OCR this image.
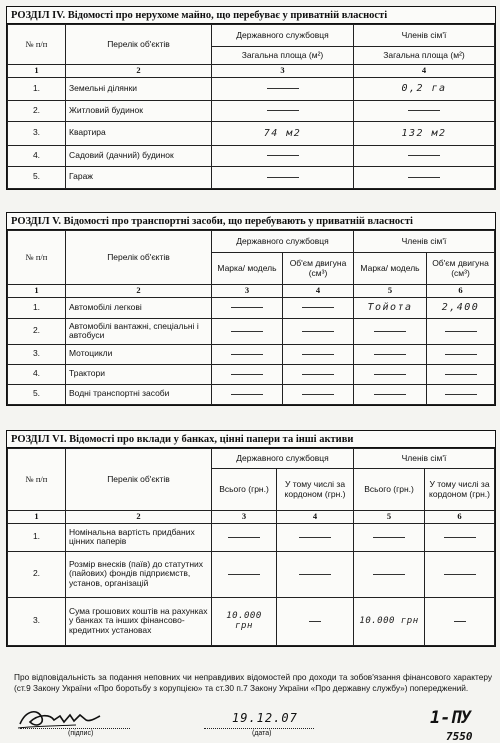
РОЗДІЛ IV. Відомості про нерухоме майно, що перебуває у приватній власності
№ п/п	Перелік об'єктів	Державного службовця	Членів сім'ї
		Загальна площа (м²)	Загальна площа (м²)
1	2	3	4
1.	Земельні ділянки		0,2 га
2.	Житловий будинок		
3.	Квартира	74 м2	132 м2
4.	Садовий (дачний) будинок		
5.	Гараж		
РОЗДІЛ V. Відомості про транспортні засоби, що перебувають у приватній власності
№ п/п	Перелік об'єктів	Державного службовця		Членів сім'ї	
		Марка/ модель	Об'єм двигуна (см³)	Марка/ модель	Об'єм двигуна (см³)
1	2	3	4	5	6
1.	Автомобілі легкові			Тойота	2,400
2.	Автомобілі вантажні, спеціальні і автобуси				
3.	Мотоцикли				
4.	Трактори				
5.	Водні транспортні засоби				
РОЗДІЛ VI. Відомості про вклади у банках, цінні папери та інші активи
№ п/п	Перелік об'єктів	Державного службовця		Членів сім'ї	
		Всього (грн.)	У тому числі за кордоном (грн.)	Всього (грн.)	У тому числі за кордоном (грн.)
1	2	3	4	5	6
1.	Номінальна вартість придбаних цінних паперів				
2.	Розмір внесків (паїв) до статутних (пайових) фондів підприємств, установ, організацій				
3.	Сума грошових коштів на рахунках у банках та інших фінансово-кредитних установах	10.000 грн		10.000 грн	
Про відповідальність за подання неповних чи неправдивих відомостей про доходи та зобов'язання фінансового характеру (ст.9 Закону України «Про боротьбу з корупцією» та ст.30 п.7 Закону України «Про державну службу») попереджений.
(підпис)
19.12.07
(дата)
1-ПУ
7550
